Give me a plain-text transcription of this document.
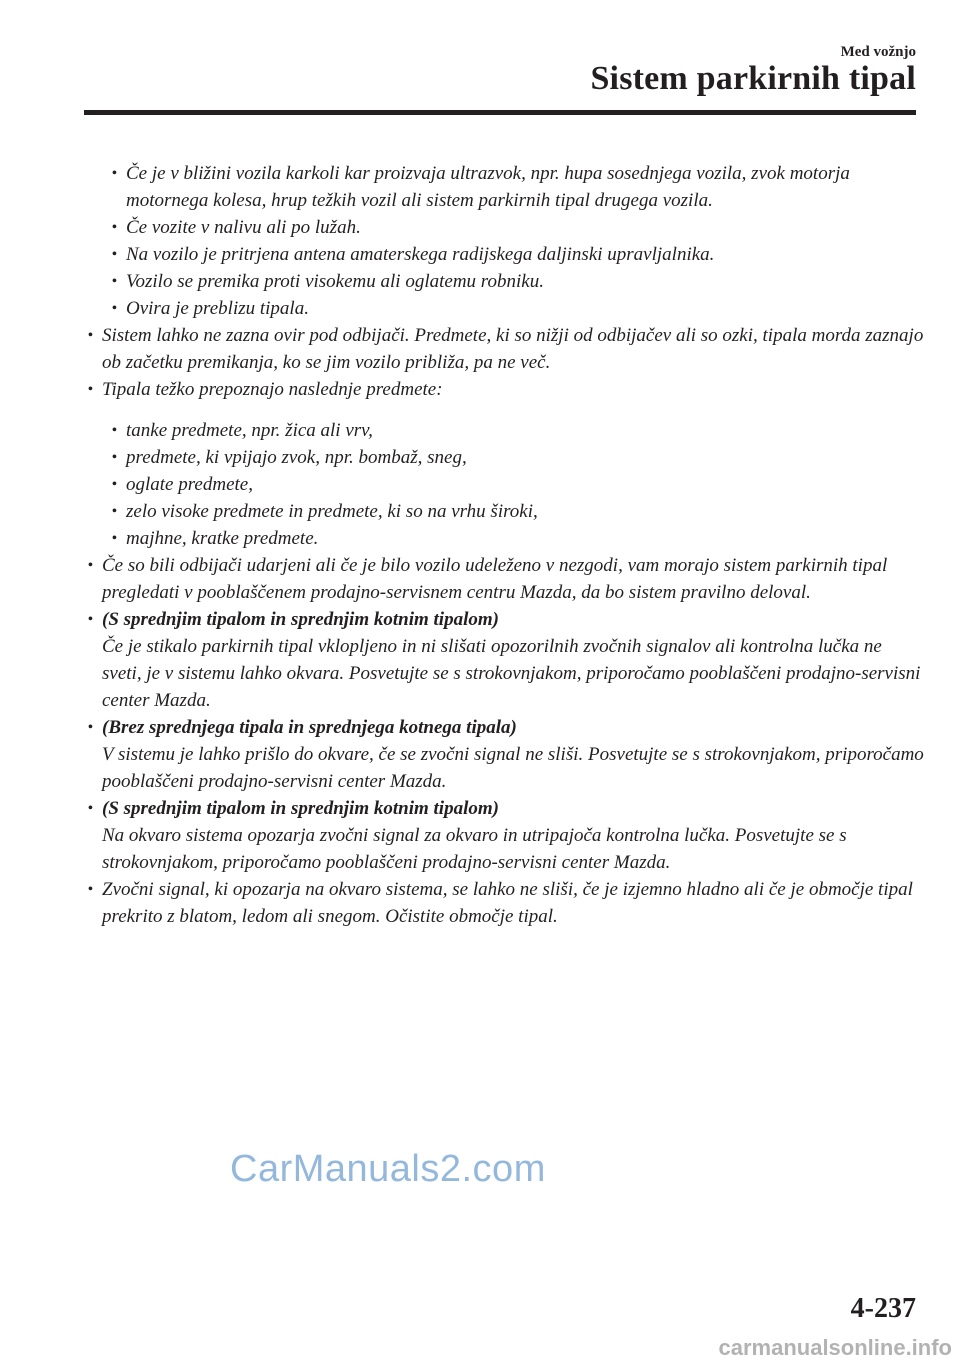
Med vožnjo
Sistem parkirnih tipal
• Če je v bližini vozila karkoli kar proizvaja ultrazvok, npr. hupa sosednjega vozila, zvok motorja motornega kolesa, hrup težkih vozil ali sistem parkirnih tipal drugega vozila.
• Če vozite v nalivu ali po lužah.
• Na vozilo je pritrjena antena amaterskega radijskega daljinski upravljalnika.
• Vozilo se premika proti visokemu ali oglatemu robniku.
• Ovira je preblizu tipala.
• Sistem lahko ne zazna ovir pod odbijači. Predmete, ki so nižji od odbijačev ali so ozki, tipala morda zaznajo ob začetku premikanja, ko se jim vozilo približa, pa ne več.
• Tipala težko prepoznajo naslednje predmete:
• tanke predmete, npr. žica ali vrv,
• predmete, ki vpijajo zvok, npr. bombaž, sneg,
• oglate predmete,
• zelo visoke predmete in predmete, ki so na vrhu široki,
• majhne, kratke predmete.
• Če so bili odbijači udarjeni ali če je bilo vozilo udeleženo v nezgodi, vam morajo sistem parkirnih tipal pregledati v pooblaščenem prodajno-servisnem centru Mazda, da bo sistem pravilno deloval.
• (S sprednjim tipalom in sprednjim kotnim tipalom)
Če je stikalo parkirnih tipal vklopljeno in ni slišati opozorilnih zvočnih signalov ali kontrolna lučka ne sveti, je v sistemu lahko okvara. Posvetujte se s strokovnjakom, priporočamo pooblaščeni prodajno-servisni center Mazda.
• (Brez sprednjega tipala in sprednjega kotnega tipala)
V sistemu je lahko prišlo do okvare, če se zvočni signal ne sliši. Posvetujte se s strokovnjakom, priporočamo pooblaščeni prodajno-servisni center Mazda.
• (S sprednjim tipalom in sprednjim kotnim tipalom)
Na okvaro sistema opozarja zvočni signal za okvaro in utripajoča kontrolna lučka. Posvetujte se s strokovnjakom, priporočamo pooblaščeni prodajno-servisni center Mazda.
• Zvočni signal, ki opozarja na okvaro sistema, se lahko ne sliši, če je izjemno hladno ali če je območje tipal prekrito z blatom, ledom ali snegom. Očistite območje tipal.
CarManuals2.com
4-237
carmanualsonline.info
